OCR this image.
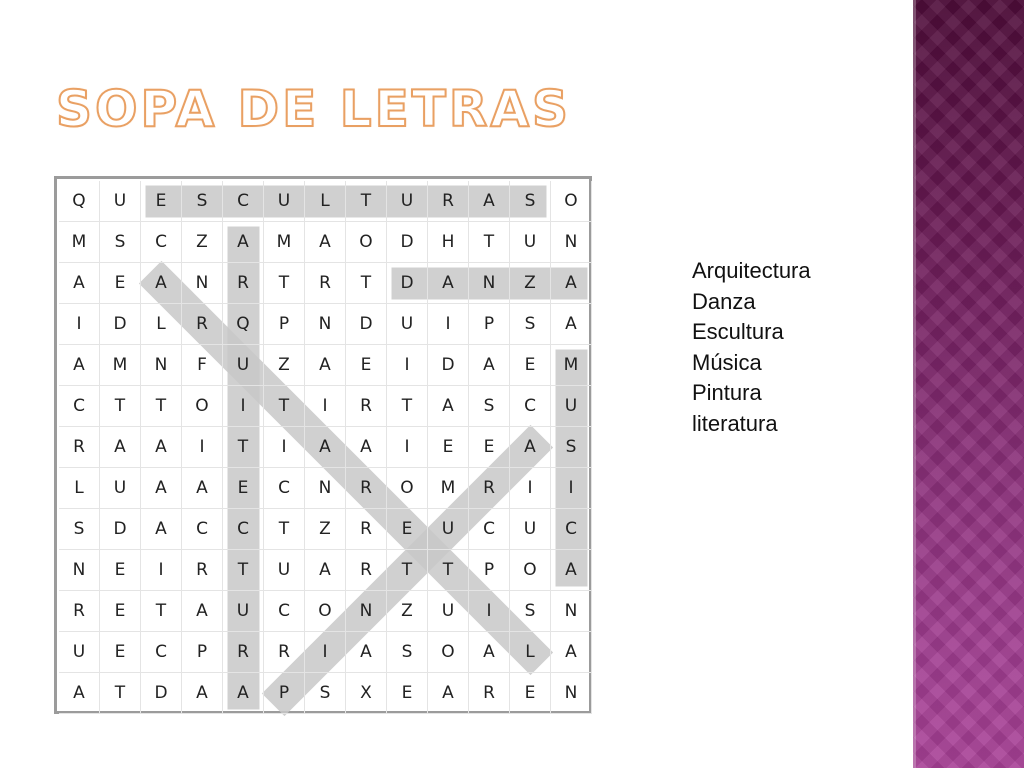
SOPA DE LETRAS
Q	U	E	S	C	U	L	T	U	R	A	S	O
M	S	C	Z	A	M	A	O	D	H	T	U	N
A	E	A	N	R	T	R	T	D	A	N	Z	A
I	D	L	R	Q	P	N	D	U	I	P	S	A
A	M	N	F	U	Z	A	E	I	D	A	E	M
C	T	T	O	I	T	I	R	T	A	S	C	U
R	A	A	I	T	I	A	A	I	E	E	A	S
L	U	A	A	E	C	N	R	O	M	R	I	I
S	D	A	C	C	T	Z	R	E	U	C	U	C
N	E	I	R	T	U	A	R	T	T	P	O	A
R	E	T	A	U	C	O	N	Z	U	I	S	N
U	E	C	P	R	R	I	A	S	O	A	L	A
A	T	D	A	A	P	S	X	E	A	R	E	N
Arquitectura
Danza
Escultura
Música
Pintura
literatura
